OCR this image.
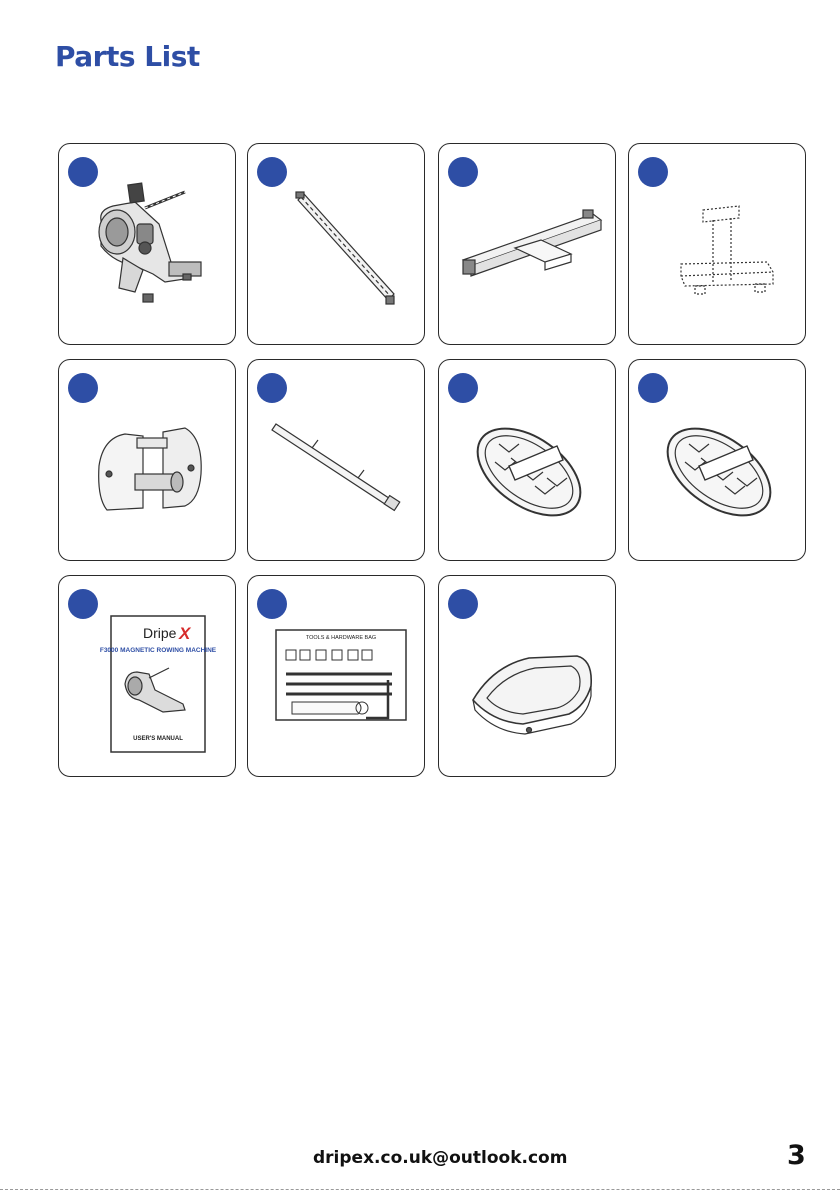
Parts List
Dripe X
F3000 MAGNETIC ROWING MACHINE
USER'S MANUAL
TOOLS & HARDWARE BAG
dripex.co.uk@outlook.com	3
